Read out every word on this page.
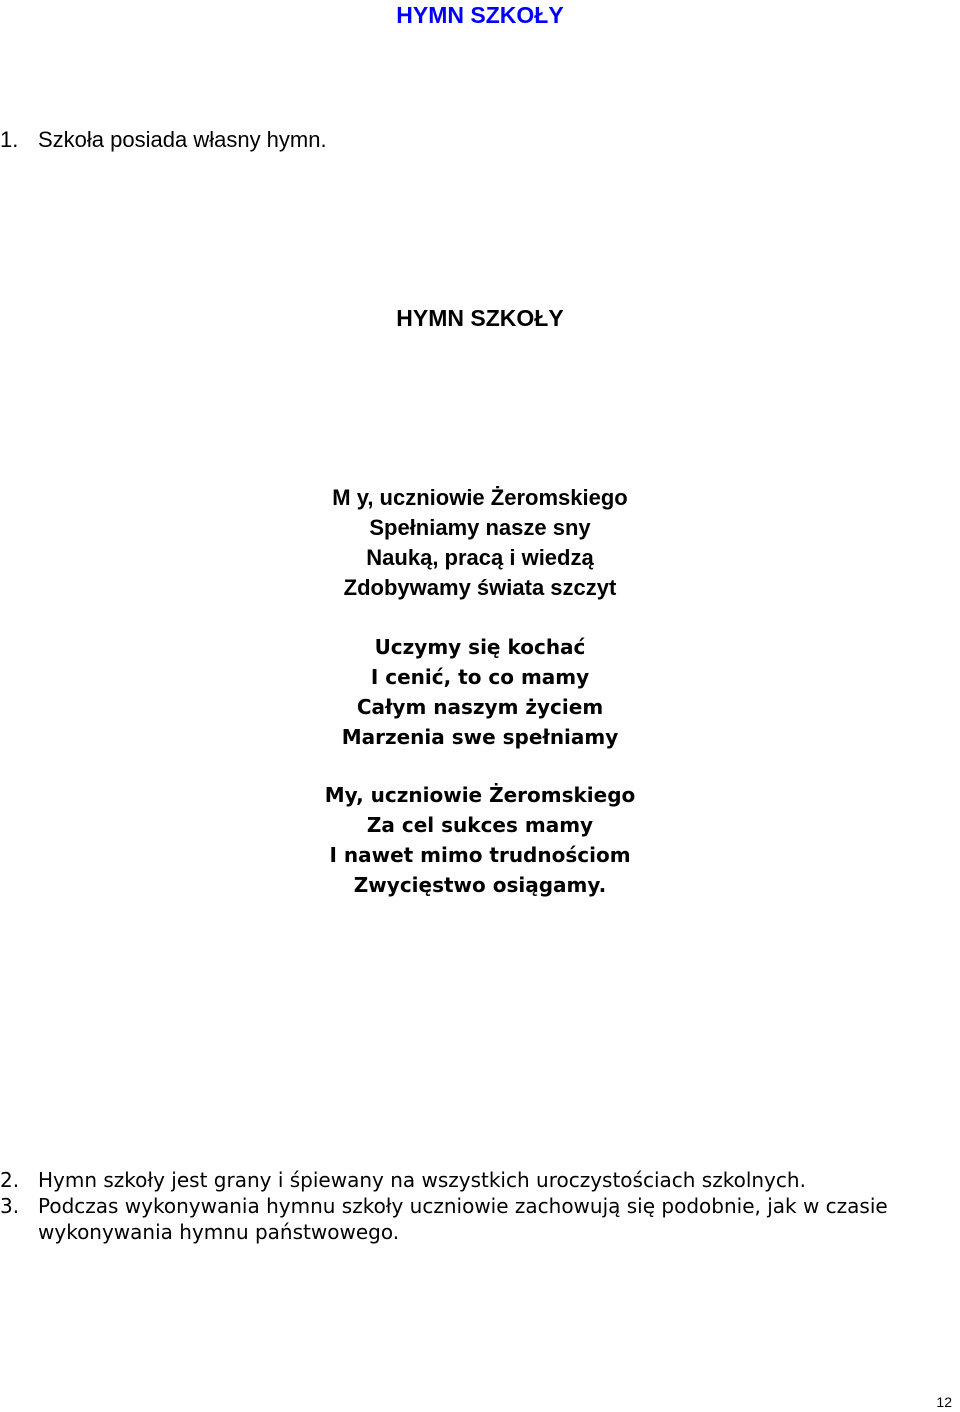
HYMN SZKOŁY
1. Szkoła posiada własny hymn.
HYMN SZKOŁY
M y, uczniowie Żeromskiego
Spełniamy nasze sny
Nauką, pracą i wiedzą
Zdobywamy świata szczyt
Uczymy się kochać
I cenić, to co mamy
Całym naszym życiem
Marzenia swe spełniamy
My, uczniowie Żeromskiego
Za cel sukces mamy
I nawet mimo trudnościom
Zwycięstwo osiągamy.
2. Hymn szkoły jest grany i śpiewany na wszystkich uroczystościach szkolnych.
3. Podczas wykonywania hymnu szkoły uczniowie zachowują się podobnie, jak w czasie
wykonywania hymnu państwowego.
12
